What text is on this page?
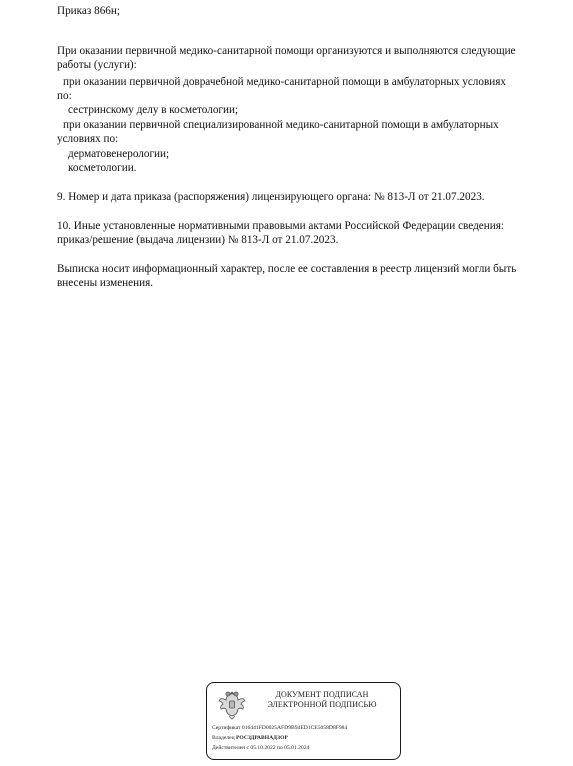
Приказ 866н;
При оказании первичной медико-санитарной помощи организуются и выполняются следующие
работы (услуги):
при оказании первичной доврачебной медико-санитарной помощи в амбулаторных условиях
по:
сестринскому делу в косметологии;
при оказании первичной специализированной медико-санитарной помощи в амбулаторных
условиях по:
дерматовенерологии;
косметологии.
9. Номер и дата приказа (распоряжения) лицензирующего органа: № 813-Л от 21.07.2023.
10. Иные установленные нормативными правовыми актами Российской Федерации сведения:
приказ/решение (выдача лицензии) № 813-Л от 21.07.2023.
Выписка носит информационный характер, после ее составления в реестр лицензий могли быть
внесены изменения.
ДОКУМЕНТ ПОДПИСАН
ЭЛЕКТРОННОЙ ПОДПИСЬЮ
Сертификат 016441FD0025AFD9B94ED1CE5058D8F984
Владелец РОСЗДРАВНАДЗОР
Действителен с 05.10.2022 по 05.01.2024
